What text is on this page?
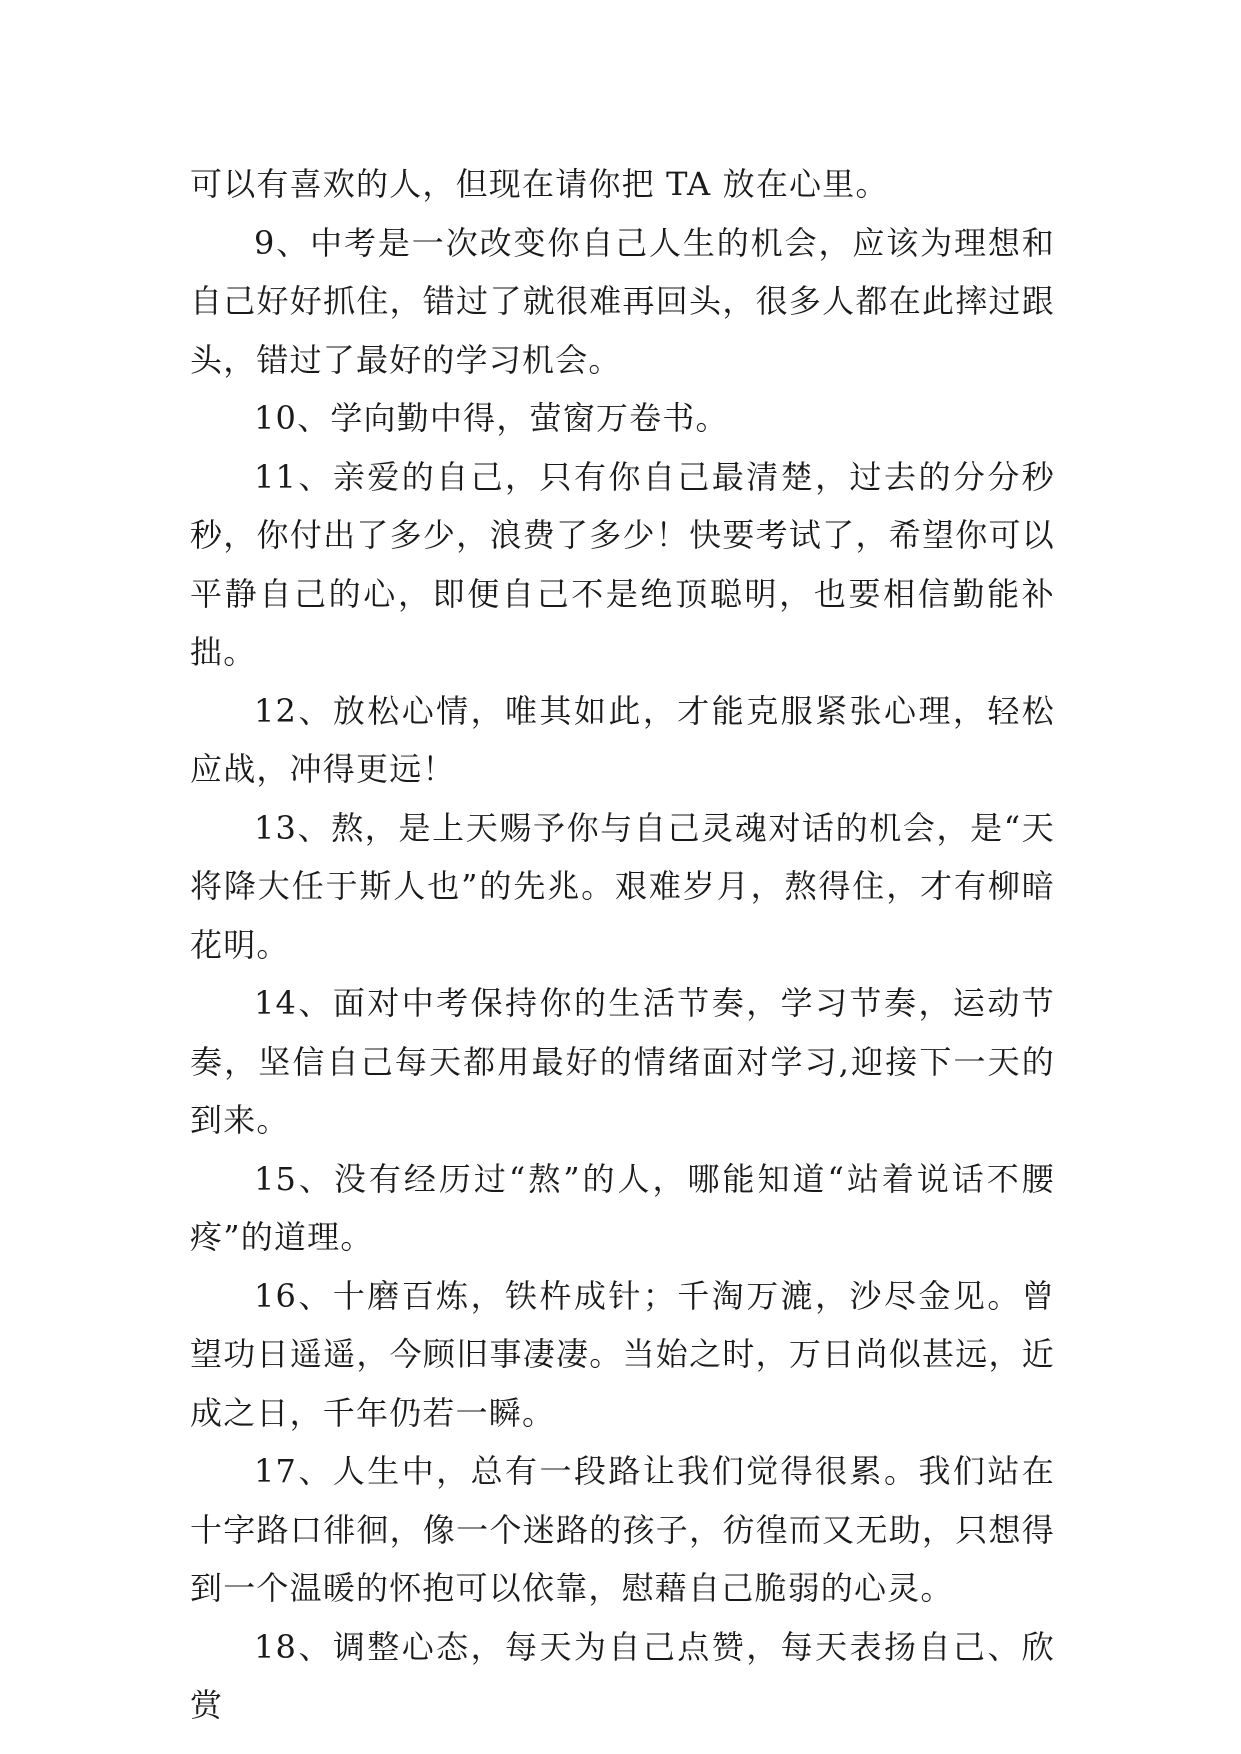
可以有喜欢的人，但现在请你把 TA 放在心里。

9、中考是一次改变你自己人生的机会，应该为理想和自己好好抓住，错过了就很难再回头，很多人都在此摔过跟头，错过了最好的学习机会。

10、学向勤中得，萤窗万卷书。

11、亲爱的自己，只有你自己最清楚，过去的分分秒秒，你付出了多少，浪费了多少！快要考试了，希望你可以平静自己的心，即便自己不是绝顶聪明，也要相信勤能补拙。

12、放松心情，唯其如此，才能克服紧张心理，轻松应战，冲得更远！

13、熬，是上天赐予你与自己灵魂对话的机会，是“天将降大任于斯人也”的先兆。艰难岁月，熬得住，才有柳暗花明。

14、面对中考保持你的生活节奏，学习节奏，运动节奏，坚信自己每天都用最好的情绪面对学习,迎接下一天的到来。

15、没有经历过“熬”的人，哪能知道“站着说话不腰疼”的道理。

16、十磨百炼，铁杵成针；千淘万漉，沙尽金见。曾望功日遥遥，今顾旧事凄凄。当始之时，万日尚似甚远，近成之日，千年仍若一瞬。

17、人生中，总有一段路让我们觉得很累。我们站在十字路口徘徊，像一个迷路的孩子，彷徨而又无助，只想得到一个温暖的怀抱可以依靠，慰藉自己脆弱的心灵。

18、调整心态，每天为自己点赞，每天表扬自己、欣赏
